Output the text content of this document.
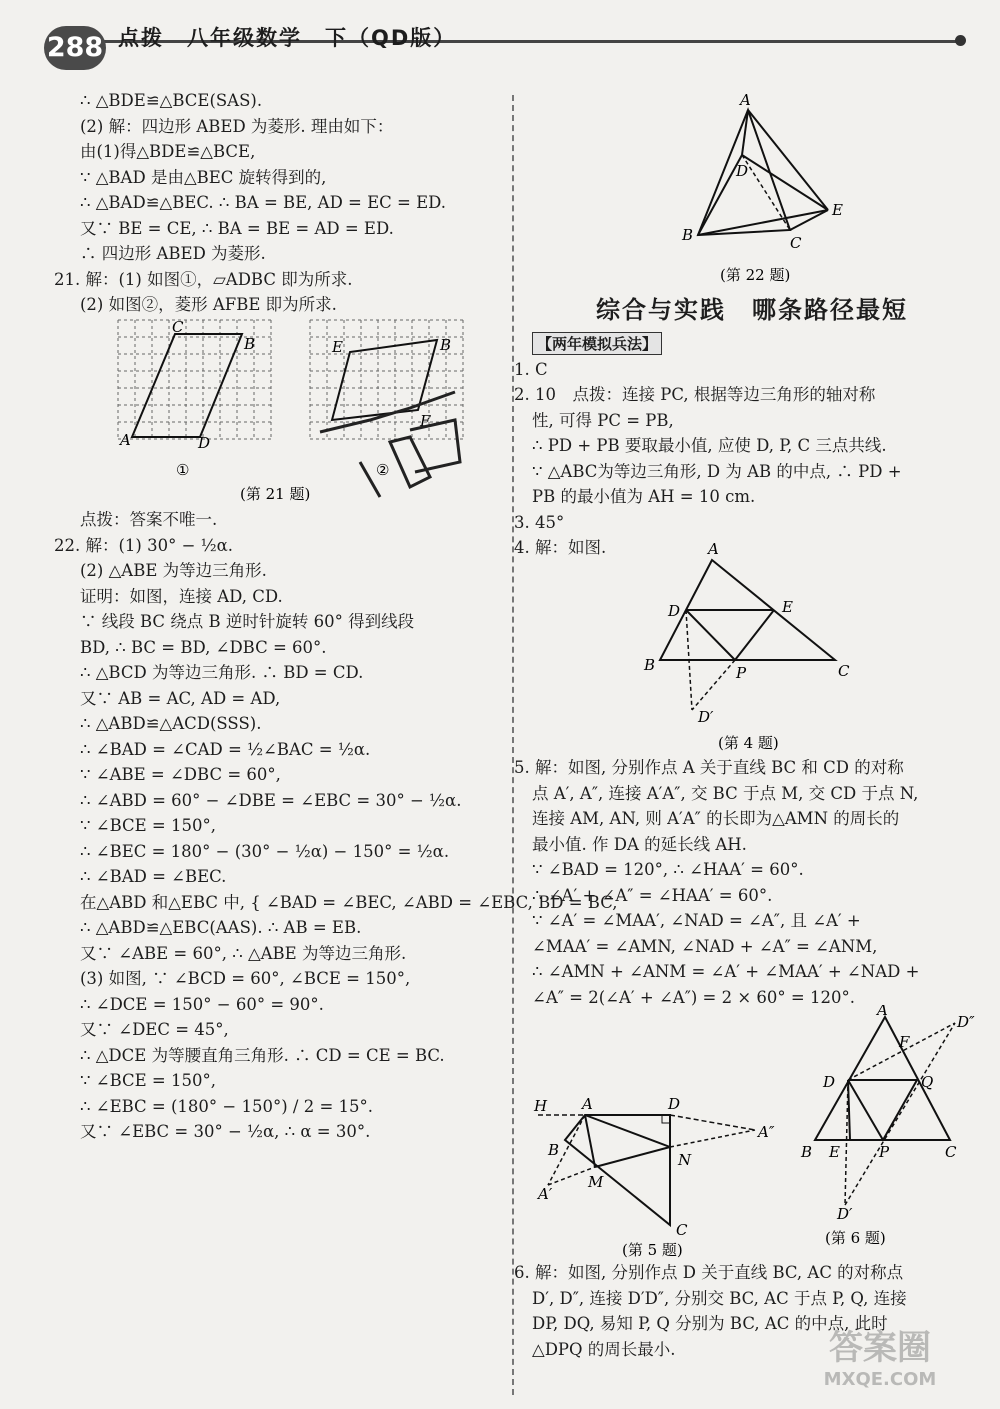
288 点拨　八年级数学　下（QD版）
∴ △BDE≌△BCE(SAS).
(2) 解：四边形 ABED 为菱形. 理由如下：
由(1)得△BDE≌△BCE,
∵ △BAD 是由△BEC 旋转得到的,
∴ △BAD≌△BEC. ∴ BA = BE, AD = EC = ED.
又∵ BE = CE, ∴ BA = BE = AD = ED.
∴ 四边形 ABED 为菱形.
21. 解：(1) 如图①，▱ADBC 即为所求.
(2) 如图②，菱形 AFBE 即为所求.
A
C
B
D
E	B
F
①	②
(第 21 题)
点拨：答案不唯一.
22. 解：(1) 30° − ½α.
(2) △ABE 为等边三角形.
证明：如图，连接 AD, CD.
∵ 线段 BC 绕点 B 逆时针旋转 60° 得到线段
BD, ∴ BC = BD, ∠DBC = 60°.
∴ △BCD 为等边三角形. ∴ BD = CD.
又∵ AB = AC, AD = AD,
∴ △ABD≌△ACD(SSS).
∴ ∠BAD = ∠CAD = ½∠BAC = ½α.
∵ ∠ABE = ∠DBC = 60°,
∴ ∠ABD = 60° − ∠DBE = ∠EBC = 30° − ½α.
∵ ∠BCE = 150°,
∴ ∠BEC = 180° − (30° − ½α) − 150° = ½α.
∴ ∠BAD = ∠BEC.
在△ABD 和△EBC 中, { ∠BAD = ∠BEC, ∠ABD = ∠EBC, BD = BC,
∴ △ABD≌△EBC(AAS). ∴ AB = EB.
又∵ ∠ABE = 60°, ∴ △ABE 为等边三角形.
(3) 如图, ∵ ∠BCD = 60°, ∠BCE = 150°,
∴ ∠DCE = 150° − 60° = 90°.
又∵ ∠DEC = 45°,
∴ △DCE 为等腰直角三角形. ∴ CD = CE = BC.
∵ ∠BCE = 150°,
∴ ∠EBC = (180° − 150°) / 2 = 15°.
又∵ ∠EBC = 30° − ½α, ∴ α = 30°.
A
D
E
B	C
(第 22 题)
综合与实践　哪条路径最短
【两年模拟兵法】
1. C
2. 10　点拨：连接 PC, 根据等边三角形的轴对称
性, 可得 PC = PB,
∴ PD + PB 要取最小值, 应使 D, P, C 三点共线.
∵ △ABC为等边三角形, D 为 AB 的中点, ∴ PD +
PB 的最小值为 AH = 10 cm.
3. 45°
4. 解：如图.	A
D	E
B	P	C
D′
(第 4 题)
5. 解：如图, 分别作点 A 关于直线 BC 和 CD 的对称
点 A′, A″, 连接 A′A″, 交 BC 于点 M, 交 CD 于点 N,
连接 AM, AN, 则 A′A″ 的长即为△AMN 的周长的
最小值. 作 DA 的延长线 AH.
∵ ∠BAD = 120°, ∴ ∠HAA′ = 60°.
∴ ∠A′ + ∠A″ = ∠HAA′ = 60°.
∵ ∠A′ = ∠MAA′, ∠NAD = ∠A″, 且 ∠A′ +
∠MAA′ = ∠AMN, ∠NAD + ∠A″ = ∠ANM,
∴ ∠AMN + ∠ANM = ∠A′ + ∠MAA′ + ∠NAD +
∠A″ = 2(∠A′ + ∠A″) = 2 × 60° = 120°.
H A	D
A″
B
N
M
A′
C
(第 5 题)
A
D″
F
D	Q
B E	P	C
D′
(第 6 题)
6. 解：如图, 分别作点 D 关于直线 BC, AC 的对称点
D′, D″, 连接 D′D″, 分别交 BC, AC 于点 P, Q, 连接
DP, DQ, 易知 P, Q 分别为 BC, AC 的中点, 此时
△DPQ 的周长最小.	答案圈
MXQE.COM
